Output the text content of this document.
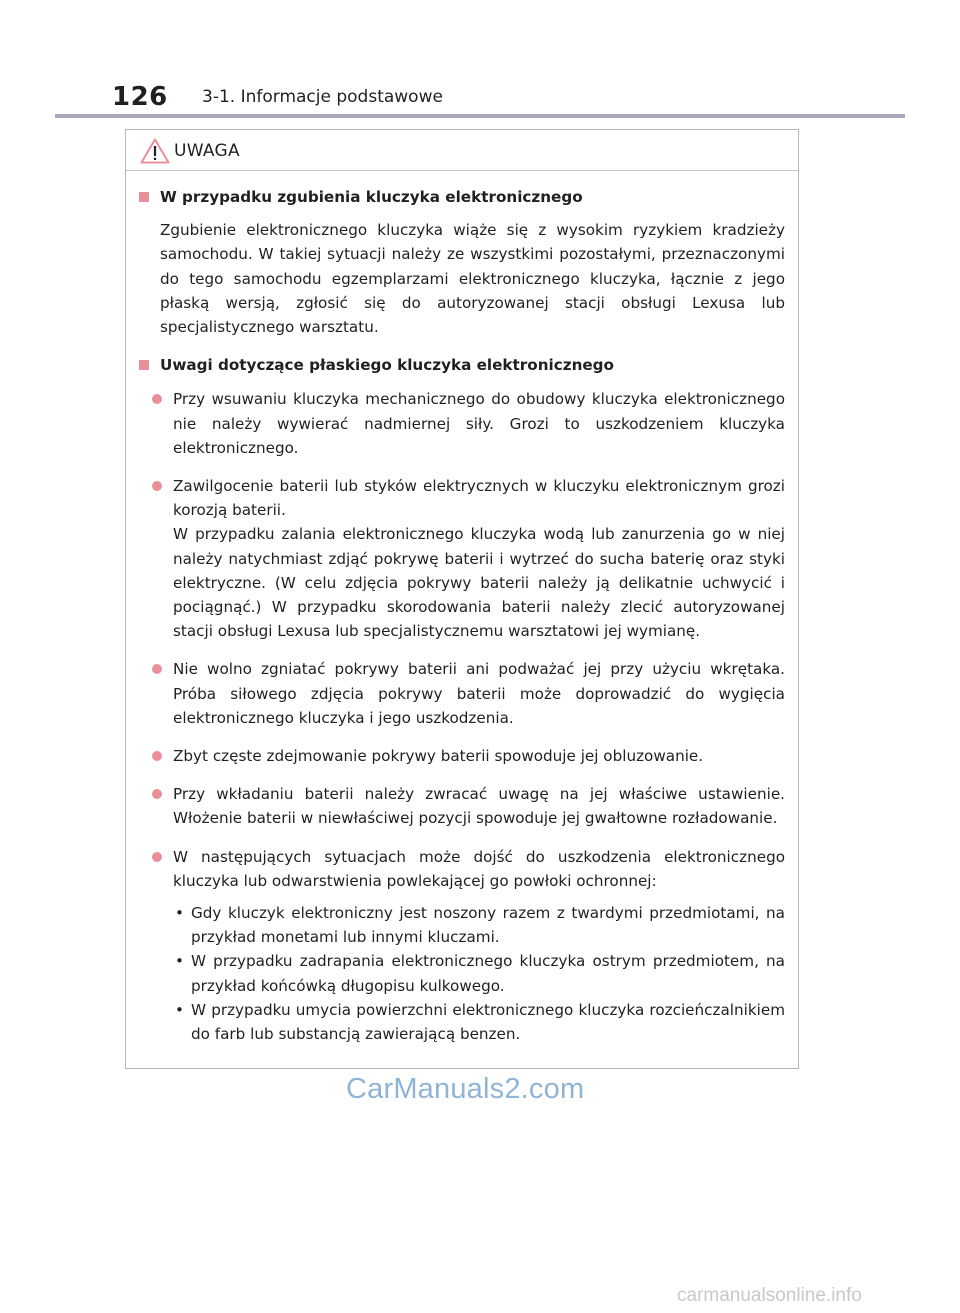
126 3-1. Informacje podstawowe
UWAGA

W przypadku zgubienia kluczyka elektronicznego

Zgubienie elektronicznego kluczyka wiąże się z wysokim ryzykiem kradzieży samochodu. W takiej sytuacji należy ze wszystkimi pozostałymi, przeznaczonymi do tego samochodu egzemplarzami elektronicznego kluczyka, łącznie z jego płaską wersją, zgłosić się do autoryzowanej stacji obsługi Lexusa lub specjalistycznego warsztatu.

Uwagi dotyczące płaskiego kluczyka elektronicznego

Przy wsuwaniu kluczyka mechanicznego do obudowy kluczyka elektronicznego nie należy wywierać nadmiernej siły. Grozi to uszkodzeniem kluczyka elektronicznego.
Zawilgocenie baterii lub styków elektrycznych w kluczyku elektronicznym grozi korozją baterii.
W przypadku zalania elektronicznego kluczyka wodą lub zanurzenia go w niej należy natychmiast zdjąć pokrywę baterii i wytrzeć do sucha baterię oraz styki elektryczne. (W celu zdjęcia pokrywy baterii należy ją delikatnie uchwycić i pociągnąć.) W przypadku skorodowania baterii należy zlecić autoryzowanej stacji obsługi Lexusa lub specjalistycznemu warsztatowi jej wymianę.
Nie wolno zgniatać pokrywy baterii ani podważać jej przy użyciu wkrętaka. Próba siłowego zdjęcia pokrywy baterii może doprowadzić do wygięcia elektronicznego kluczyka i jego uszkodzenia.
Zbyt częste zdejmowanie pokrywy baterii spowoduje jej obluzowanie.
Przy wkładaniu baterii należy zwracać uwagę na jej właściwe ustawienie. Włożenie baterii w niewłaściwej pozycji spowoduje jej gwałtowne rozładowanie.
W następujących sytuacjach może dojść do uszkodzenia elektronicznego kluczyka lub odwarstwienia powlekającej go powłoki ochronnej:
• Gdy kluczyk elektroniczny jest noszony razem z twardymi przedmiotami, na przykład monetami lub innymi kluczami.
• W przypadku zadrapania elektronicznego kluczyka ostrym przedmiotem, na przykład końcówką długopisu kulkowego.
• W przypadku umycia powierzchni elektronicznego kluczyka rozcieńczalnikiem do farb lub substancją zawierającą benzen.
CarManuals2.com
carmanualsonline.info
